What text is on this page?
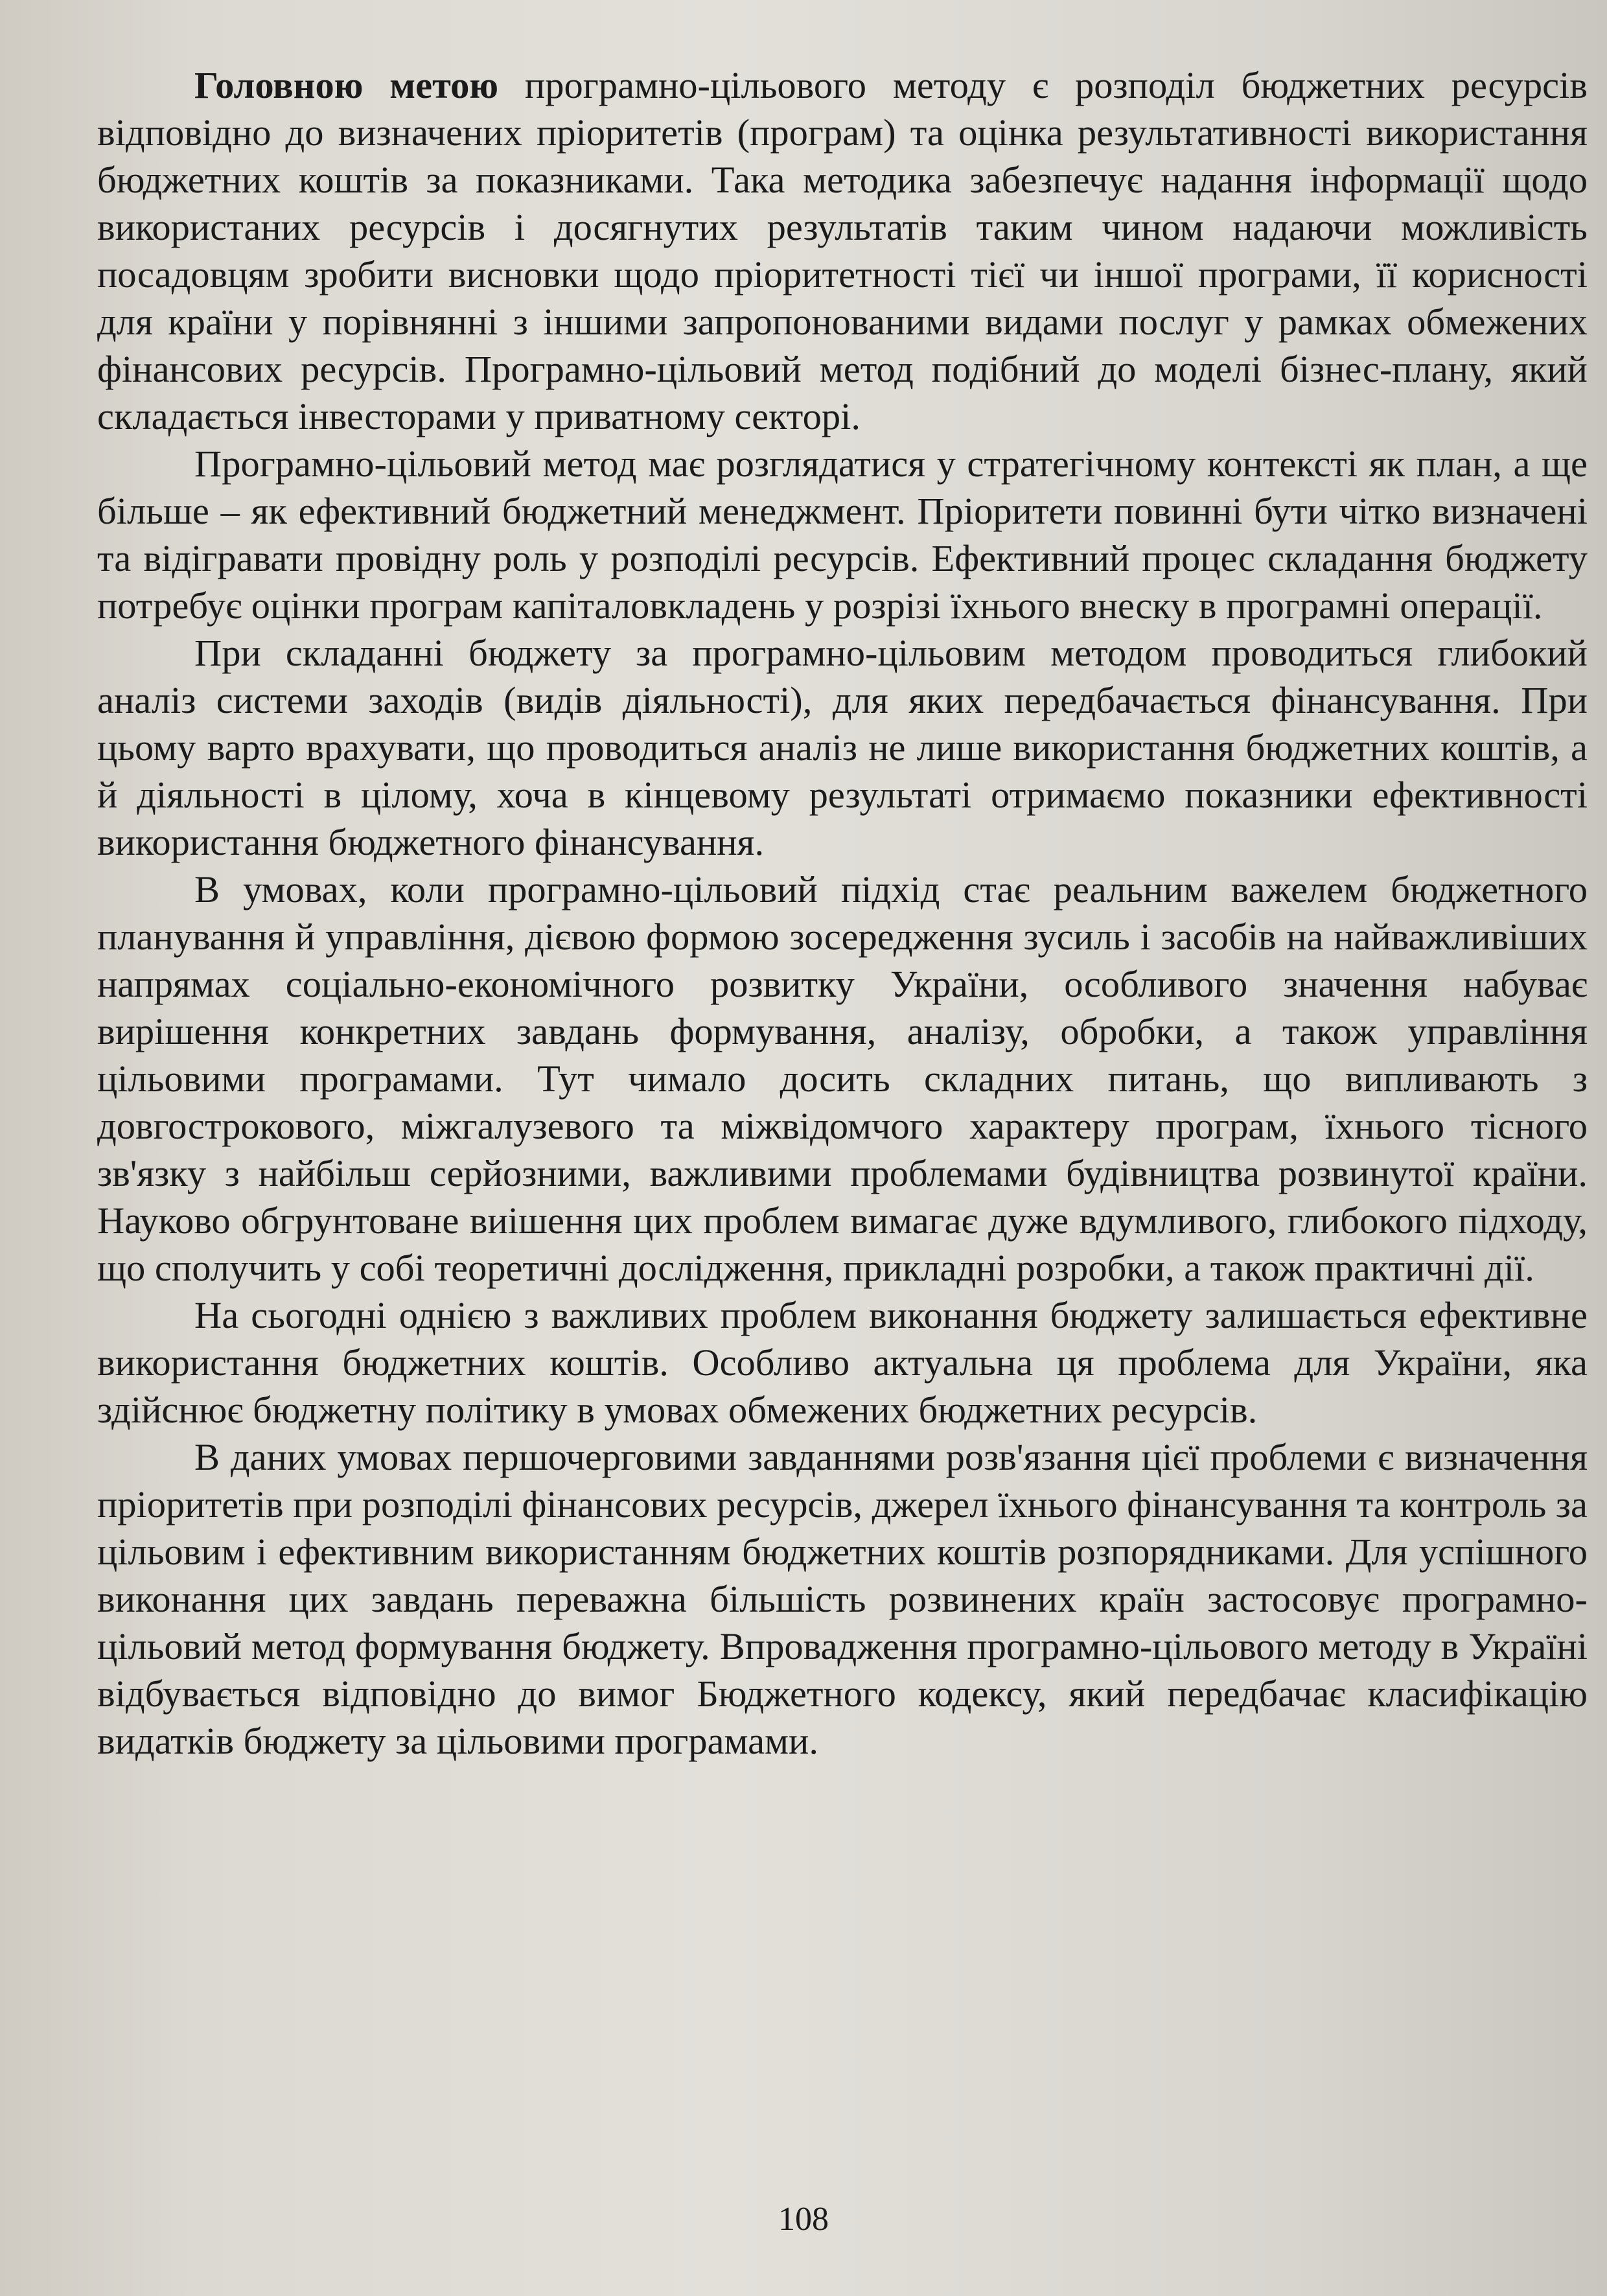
Головною метою програмно-цільового методу є розподіл бюджетних ресурсів відповідно до визначених пріоритетів (програм) та оцінка результативності використання бюджетних коштів за показниками. Така методика забезпечує надання інформації щодо використаних ресурсів і досягнутих результатів таким чином надаючи можливість посадовцям зробити висновки щодо пріоритетності тієї чи іншої програми, її корисності для країни у порівнянні з іншими запропонованими видами послуг у рамках обмежених фінансових ресурсів. Програмно-цільовий метод подібний до моделі бізнес-плану, який складається інвесторами у приватному секторі.

Програмно-цільовий метод має розглядатися у стратегічному контексті як план, а ще більше – як ефективний бюджетний менеджмент. Пріоритети повинні бути чітко визначені та відігравати провідну роль у розподілі ресурсів. Ефективний процес складання бюджету потребує оцінки програм капіталовкладень у розрізі їхнього внеску в програмні операції.

При складанні бюджету за програмно-цільовим методом проводиться глибокий аналіз системи заходів (видів діяльності), для яких передбачається фінансування. При цьому варто врахувати, що проводиться аналіз не лише використання бюджетних коштів, а й діяльності в цілому, хоча в кінцевому результаті отримаємо показники ефективності використання бюджетного фінансування.

В умовах, коли програмно-цільовий підхід стає реальним важелем бюджетного планування й управління, дієвою формою зосередження зусиль і засобів на найважливіших напрямах соціально-економічного розвитку України, особливого значення набуває вирішення конкретних завдань формування, аналізу, обробки, а також управління цільовими програмами. Тут чимало досить складних питань, що випливають з довгострокового, міжгалузевого та міжвідомчого характеру програм, їхнього тісного зв'язку з найбільш серйозними, важливими проблемами будівництва розвинутої країни. Науково обгрунтоване виішення цих проблем вимагає дуже вдумливого, глибокого підходу, що сполучить у собі теоретичні дослідження, прикладні розробки, а також практичні дії.

На сьогодні однією з важливих проблем виконання бюджету залишається ефективне використання бюджетних коштів. Особливо актуальна ця проблема для України, яка здійснює бюджетну політику в умовах обмежених бюджетних ресурсів.

В даних умовах першочерговими завданнями розв'язання цієї проблеми є визначення пріоритетів при розподілі фінансових ресурсів, джерел їхнього фінансування та контроль за цільовим і ефективним використанням бюджетних коштів розпорядниками. Для успішного виконання цих завдань переважна більшість розвинених країн застосовує програмно-цільовий метод формування бюджету. Впровадження програмно-цільового методу в Україні відбувається відповідно до вимог Бюджетного кодексу, який передбачає класифікацію видатків бюджету за цільовими програмами.

108
